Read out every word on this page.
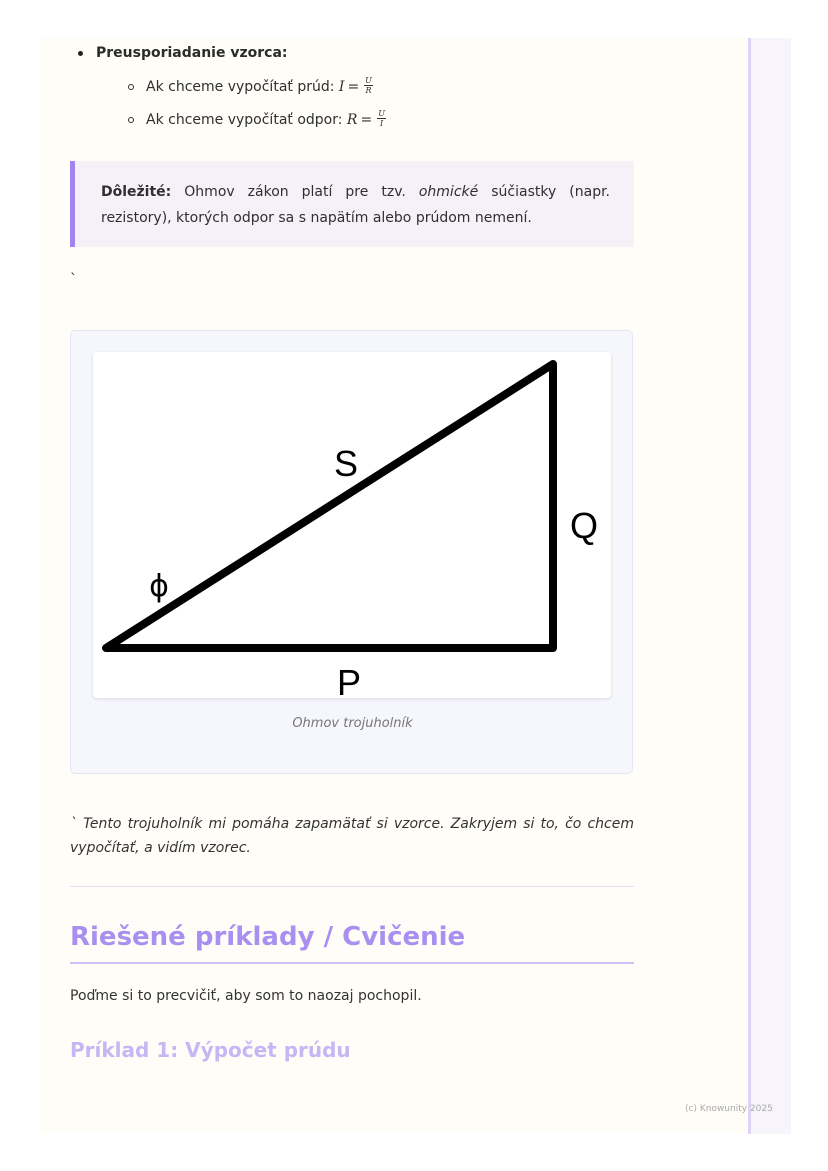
Preusporiadanie vzorca:
Ak chceme vypočítať prúd: $I = \frac{U}{R}$
Ak chceme vypočítať odpor: $R = \frac{U}{I}$
Dôležité: Ohmov zákon platí pre tzv. ohmické súčiastky (napr. rezistory), ktorých odpor sa s napätím alebo prúdom nemení.
`
S
Q
P
ϕ
Ohmov trojuholník
` Tento trojuholník mi pomáha zapamätať si vzorce. Zakryjem si to, čo chcem vypočítať, a vidím vzorec.
Riešené príklady / Cvičenie
Poďme si to precvičiť, aby som to naozaj pochopil.
Príklad 1: Výpočet prúdu
(c) Knowunity 2025
